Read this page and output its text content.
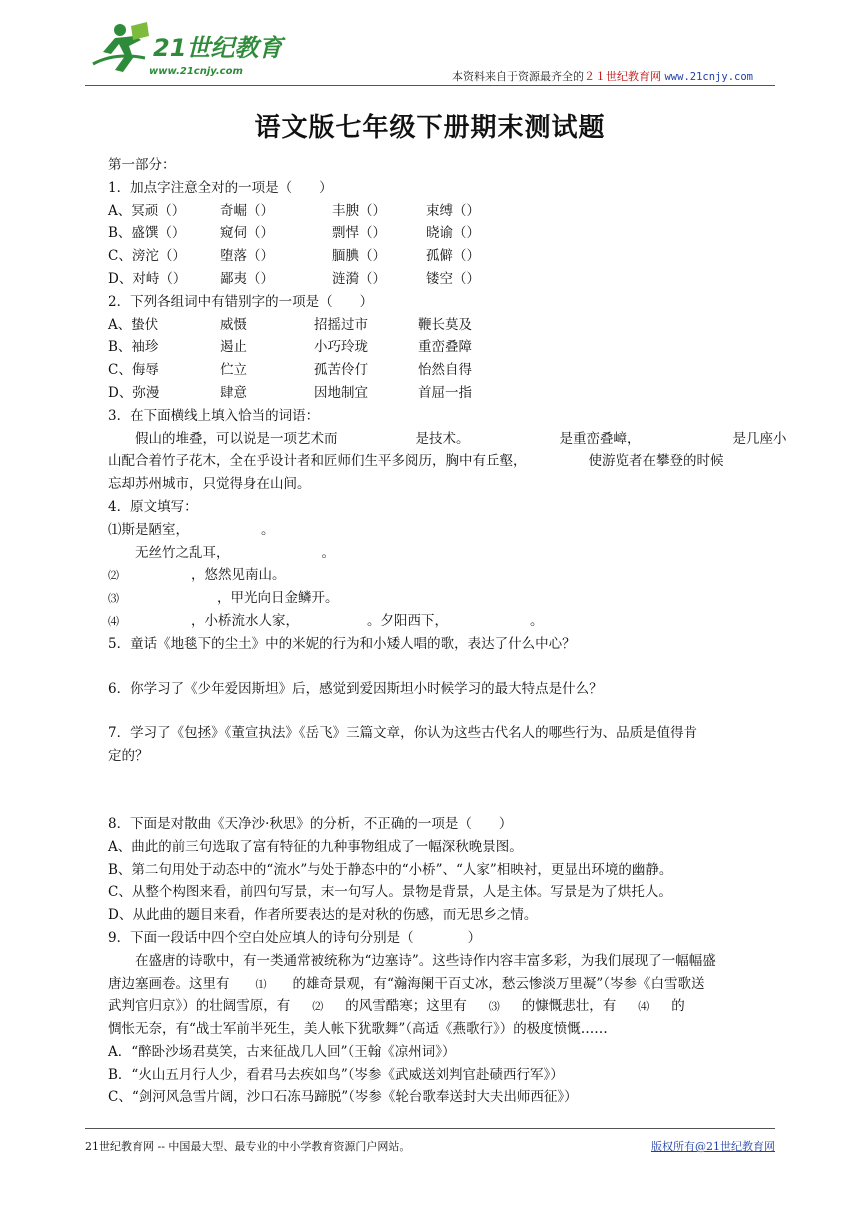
21世纪教育
www.21cnjy.com	本资料来自于资源最齐全的２１世纪教育网 www.21cnjy.com
语文版七年级下册期末测试题
第一部分：
1．加点字注意全对的一项是（　　）
A、冥顽（）	奇崛（）	丰腴（）	束缚（）
B、盛馔（）	窥伺（）	剽悍（）	晓谕（）
C、滂沱（）	堕落（）	腼腆（）	孤僻（）
D、对峙（） 鄙夷（）	涟漪（）	镂空（）
2．下列各组词中有错别字的一项是（　　）
A、蛰伏	威慑	招摇过市	鞭长莫及
B、袖珍	遏止	小巧玲珑	重峦叠障
C、侮辱	伫立	孤苦伶仃	怡然自得
D、弥漫	肆意	因地制宜	首屈一指
3．在下面横线上填入恰当的词语：
假山的堆叠，可以说是一项艺术而	是技术。	是重峦叠嶂，	是几座小
山配合着竹子花木，全在乎设计者和匠师们生平多阅历，胸中有丘壑，	使游览者在攀登的时候
忘却苏州城市，只觉得身在山间。
4．原文填写：
⑴斯是陋室，	。
无丝竹之乱耳，	。
⑵	，悠然见南山。
⑶	，甲光向日金鳞开。
⑷	，小桥流水人家，	。夕阳西下，	。
5．童话《地毯下的尘土》中的米妮的行为和小矮人唱的歌，表达了什么中心？
6．你学习了《少年爱因斯坦》后，感觉到爱因斯坦小时候学习的最大特点是什么？
7．学习了《包拯》《董宣执法》《岳飞》三篇文章，你认为这些古代名人的哪些行为、品质是值得肯
定的？
8．下面是对散曲《天净沙·秋思》的分析，不正确的一项是（　　）
A、曲此的前三句选取了富有特征的九种事物组成了一幅深秋晚景图。
B、第二句用处于动态中的“流水”与处于静态中的“小桥”、“人家”相映衬，更显出环境的幽静。
C、从整个构图来看，前四句写景，末一句写人。景物是背景，人是主体。写景是为了烘托人。
D、从此曲的题目来看，作者所要表达的是对秋的伤感，而无思乡之情。
9．下面一段话中四个空白处应填人的诗句分别是（　　　　）
在盛唐的诗歌中，有一类通常被统称为“边塞诗”。这些诗作内容丰富多彩，为我们展现了一幅幅盛
唐边塞画卷。这里有 ⑴ 的雄奇景观，有“瀚海阑干百丈冰，愁云惨淡万里凝”（岑参《白雪歌送
武判官归京》）的壮阔雪原，有 ⑵ 的风雪酷寒；这里有 ⑶ 的慷慨悲壮，有 ⑷ 的
惆怅无奈，有“战士军前半死生，美人帐下犹歌舞”（高适《燕歌行》）的极度愤慨……
A．“醉卧沙场君莫笑，古来征战几人回”（王翰《凉州词》）
B．“火山五月行人少，看君马去疾如鸟”（岑参《武威送刘判官赴碛西行军》）
C、“剑河风急雪片阔，沙口石冻马蹄脱”（岑参《轮台歌奉送封大夫出师西征》）
21世纪教育网 -- 中国最大型、最专业的中小学教育资源门户网站。	版权所有@21世纪教育网
